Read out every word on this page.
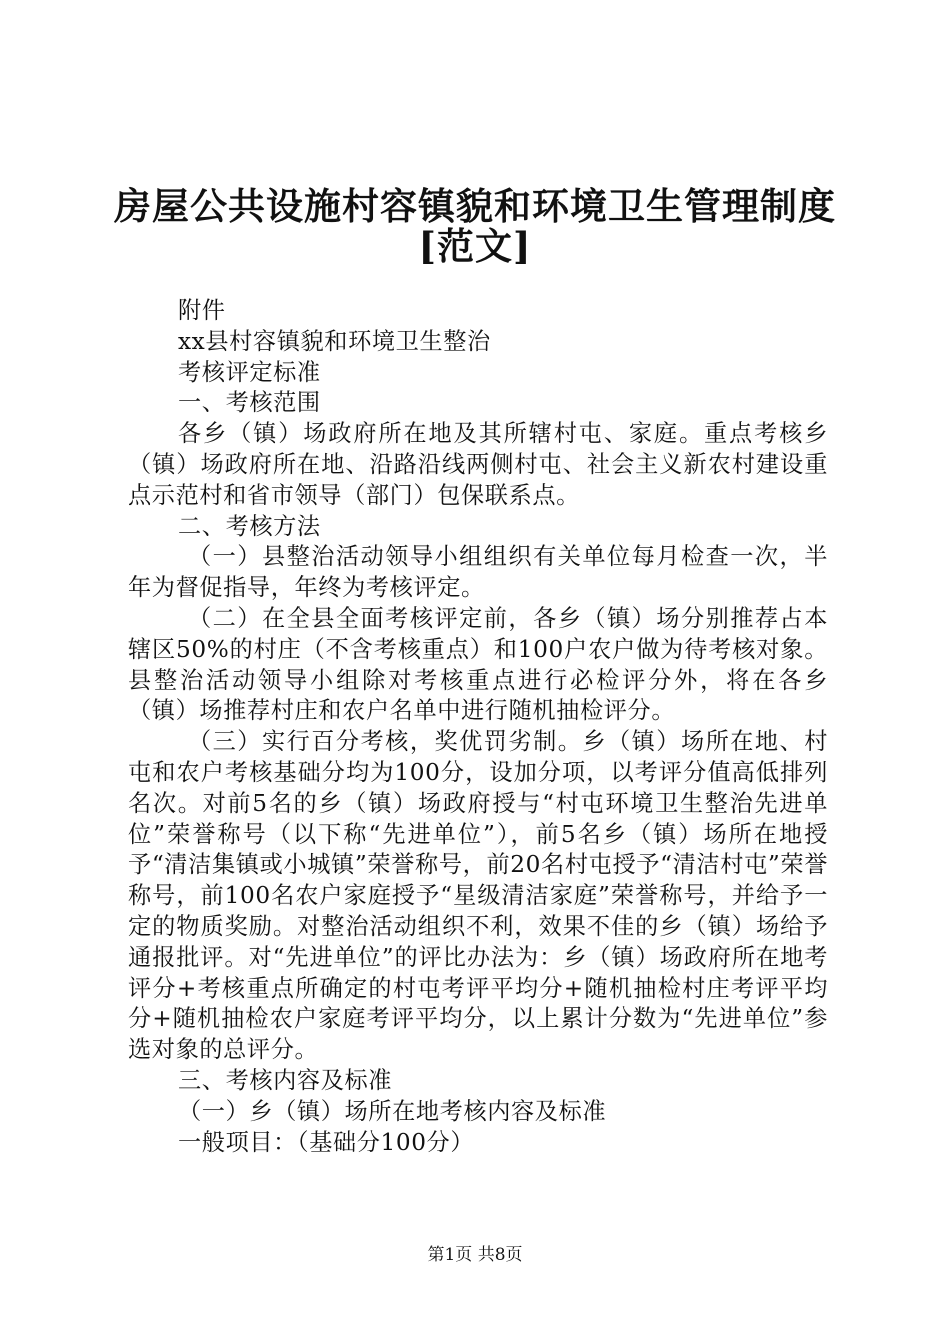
房屋公共设施村容镇貌和环境卫生管理制度
[范文]

附件

xx县村容镇貌和环境卫生整治

考核评定标准

一、考核范围

各乡（镇）场政府所在地及其所辖村屯、家庭。重点考核乡（镇）场政府所在地、沿路沿线两侧村屯、社会主义新农村建设重点示范村和省市领导（部门）包保联系点。

二、考核方法

（一）县整治活动领导小组组织有关单位每月检查一次，半年为督促指导，年终为考核评定。

（二）在全县全面考核评定前，各乡（镇）场分别推荐占本辖区50%的村庄（不含考核重点）和100户农户做为待考核对象。县整治活动领导小组除对考核重点进行必检评分外，将在各乡（镇）场推荐村庄和农户名单中进行随机抽检评分。

（三）实行百分考核，奖优罚劣制。乡（镇）场所在地、村屯和农户考核基础分均为100分，设加分项，以考评分值高低排列名次。对前5名的乡（镇）场政府授与“村屯环境卫生整治先进单位”荣誉称号（以下称“先进单位”），前5名乡（镇）场所在地授予“清洁集镇或小城镇”荣誉称号，前20名村屯授予“清洁村屯”荣誉称号，前100名农户家庭授予“星级清洁家庭”荣誉称号，并给予一定的物质奖励。对整治活动组织不利，效果不佳的乡（镇）场给予通报批评。对“先进单位”的评比办法为：乡（镇）场政府所在地考评分+考核重点所确定的村屯考评平均分+随机抽检村庄考评平均分+随机抽检农户家庭考评平均分，以上累计分数为“先进单位”参选对象的总评分。

三、考核内容及标准

（一）乡（镇）场所在地考核内容及标准

一般项目：（基础分100分）

第1页 共8页
